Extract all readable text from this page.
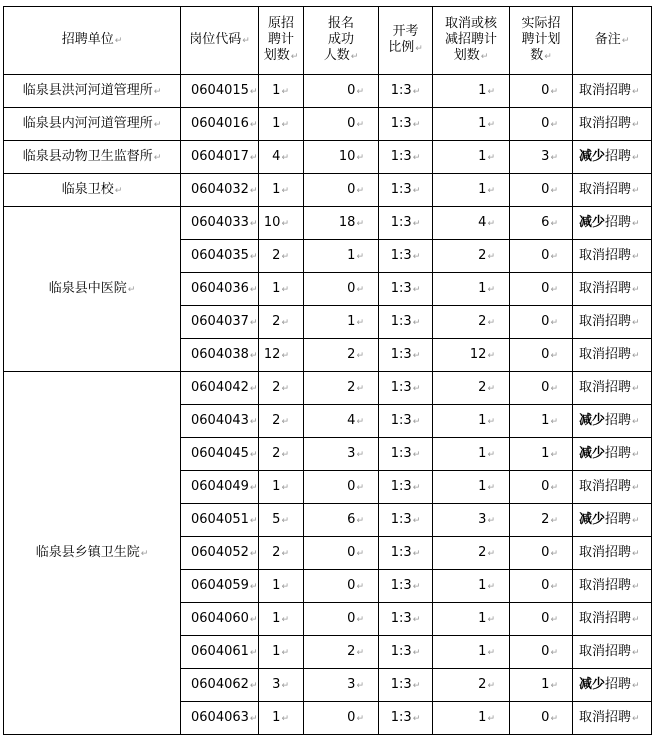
招聘单位↵	岗位代码↵	原招
聘计
划数↵	报名
成功
人数↵	开考
比例↵	取消或核
减招聘计
划数↵	实际招
聘计划
数↵	备注↵
临泉县洪河河道管理所↵	0604015↵	1↵	0↵	1:3↵	1↵	0↵	取消招聘↵
临泉县内河河道管理所↵	0604016↵	1↵	0↵	1:3↵	1↵	0↵	取消招聘↵
临泉县动物卫生监督所↵	0604017↵	4↵	10↵	1:3↵	1↵	3↵	减少招聘↵
临泉卫校↵	0604032↵	1↵	0↵	1:3↵	1↵	0↵	取消招聘↵
临泉县中医院↵	0604033↵	10↵	18↵	1:3↵	4↵	6↵	减少招聘↵
	0604035↵	2↵	1↵	1:3↵	2↵	0↵	取消招聘↵
	0604036↵	1↵	0↵	1:3↵	1↵	0↵	取消招聘↵
	0604037↵	2↵	1↵	1:3↵	2↵	0↵	取消招聘↵
	0604038↵	12↵	2↵	1:3↵	12↵	0↵	取消招聘↵
临泉县乡镇卫生院↵	0604042↵	2↵	2↵	1:3↵	2↵	0↵	取消招聘↵
	0604043↵	2↵	4↵	1:3↵	1↵	1↵	减少招聘↵
	0604045↵	2↵	3↵	1:3↵	1↵	1↵	减少招聘↵
	0604049↵	1↵	0↵	1:3↵	1↵	0↵	取消招聘↵
	0604051↵	5↵	6↵	1:3↵	3↵	2↵	减少招聘↵
	0604052↵	2↵	0↵	1:3↵	2↵	0↵	取消招聘↵
	0604059↵	1↵	0↵	1:3↵	1↵	0↵	取消招聘↵
	0604060↵	1↵	0↵	1:3↵	1↵	0↵	取消招聘↵
	0604061↵	1↵	2↵	1:3↵	1↵	0↵	取消招聘↵
	0604062↵	3↵	3↵	1:3↵	2↵	1↵	减少招聘↵
	0604063↵	1↵	0↵	1:3↵	1↵	0↵	取消招聘↵
